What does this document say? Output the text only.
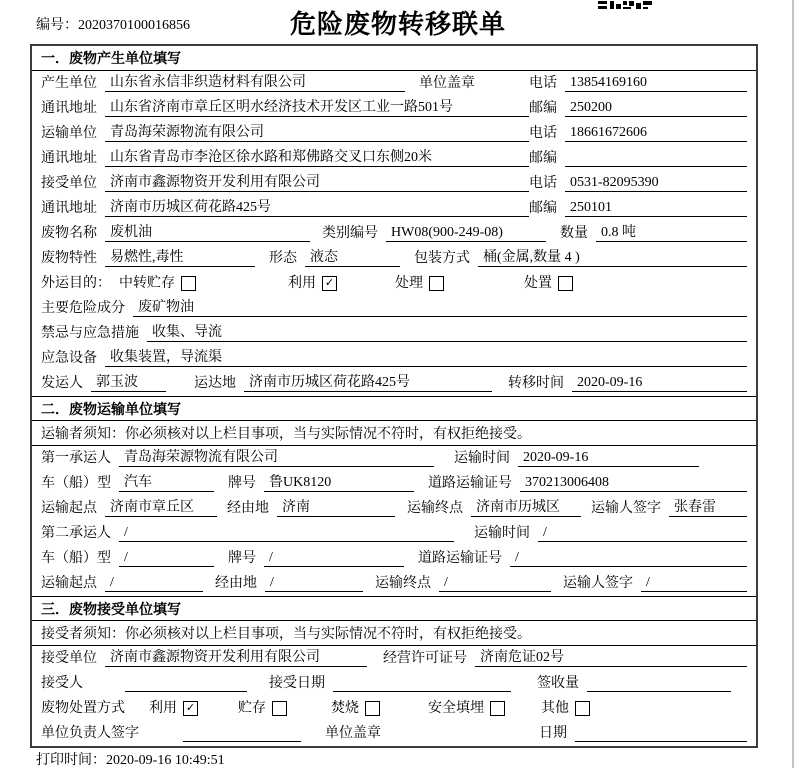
编号：2020370100016856	危险废物转移联单
一．废物产生单位填写
产生单位 山东省永信非织造材料有限公司	单位盖章	电话 13854169160
通讯地址 山东省济南市章丘区明水经济技术开发区工业一路501号	邮编 250200
运输单位 青岛海荣源物流有限公司	电话 18661672606
通讯地址 山东省青岛市李沧区徐水路和郑佛路交叉口东侧20米	邮编
接受单位 济南市鑫源物资开发利用有限公司	电话 0531-82095390
通讯地址 济南市历城区荷花路425号	邮编 250101
废物名称 废机油	类别编号 HW08(900-249-08)	数量 0.8 吨
废物特性 易燃性,毒性	形态 液态	包装方式 桶(金属,数量 4 )
外运目的： 中转贮存	利用 ✓	处理	处置
主要危险成分 废矿物油
禁忌与应急措施 收集、导流
应急设备 收集装置，导流渠
发运人 郭玉波	运达地 济南市历城区荷花路425号	转移时间 2020-09-16
二．废物运输单位填写
运输者须知：你必须核对以上栏目事项，当与实际情况不符时，有权拒绝接受。
第一承运人 青岛海荣源物流有限公司	运输时间 2020-09-16
车（船）型 汽车	牌号 鲁UK8120	道路运输证号 370213006408
运输起点 济南市章丘区	经由地 济南	运输终点 济南市历城区	运输人签字 张春雷
第二承运人 /	运输时间 /
车（船）型 /	牌号 /	道路运输证号 /
运输起点 /	经由地 /	运输终点 /	运输人签字 /
三．废物接受单位填写
接受者须知：你必须核对以上栏目事项，当与实际情况不符时，有权拒绝接受。
接受单位 济南市鑫源物资开发利用有限公司	经营许可证号 济南危证02号
接受人	接受日期	签收量
废物处置方式 利用 ✓	贮存	焚烧	安全填埋	其他
单位负责人签字	单位盖章	日期
打印时间：2020-09-16 10:49:51
